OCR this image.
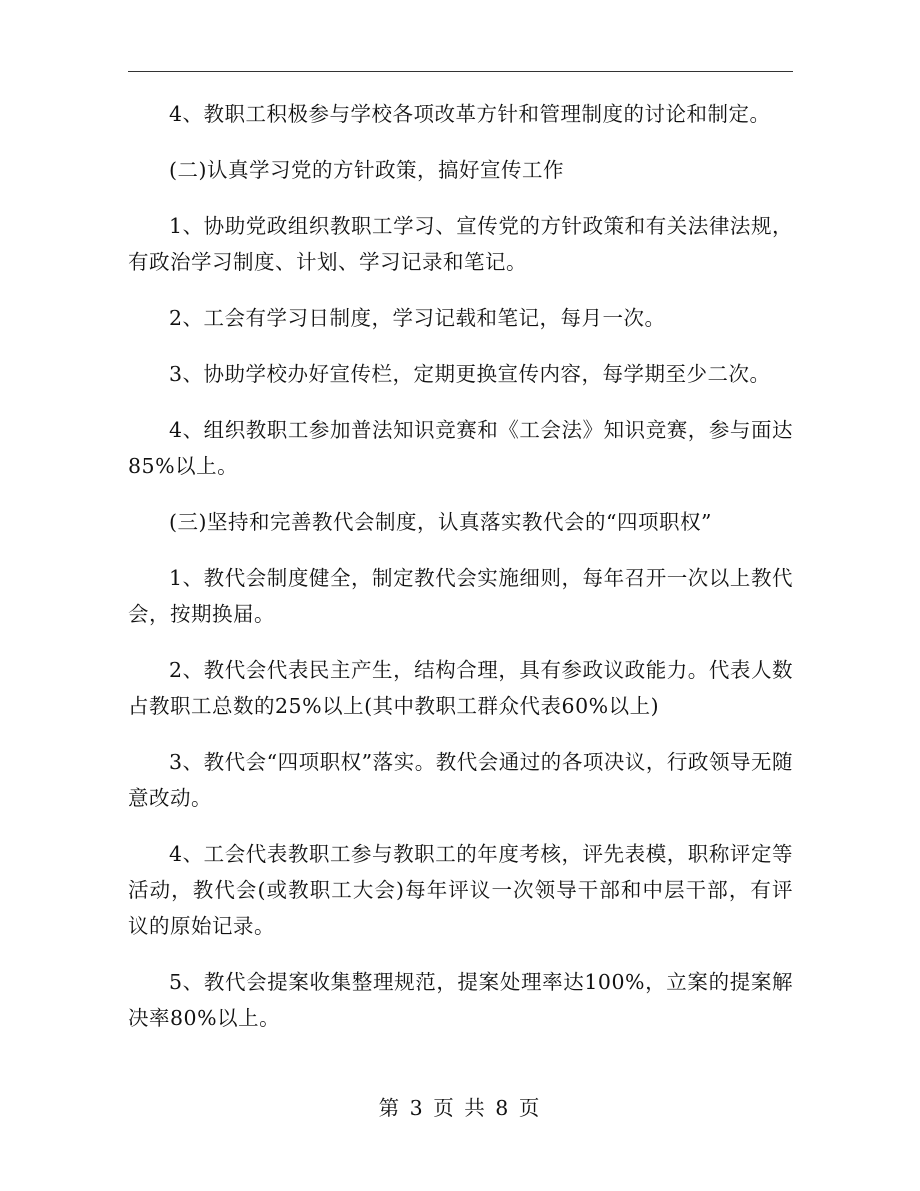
4、教职工积极参与学校各项改革方针和管理制度的讨论和制定。

(二)认真学习党的方针政策，搞好宣传工作

1、协助党政组织教职工学习、宣传党的方针政策和有关法律法规，有政治学习制度、计划、学习记录和笔记。

2、工会有学习日制度，学习记载和笔记，每月一次。

3、协助学校办好宣传栏，定期更换宣传内容，每学期至少二次。

4、组织教职工参加普法知识竞赛和《工会法》知识竞赛，参与面达85%以上。

(三)坚持和完善教代会制度，认真落实教代会的“四项职权”

1、教代会制度健全，制定教代会实施细则，每年召开一次以上教代会，按期换届。

2、教代会代表民主产生，结构合理，具有参政议政能力。代表人数占教职工总数的25%以上(其中教职工群众代表60%以上)

3、教代会“四项职权”落实。教代会通过的各项决议，行政领导无随意改动。

4、工会代表教职工参与教职工的年度考核，评先表模，职称评定等活动，教代会(或教职工大会)每年评议一次领导干部和中层干部，有评议的原始记录。

5、教代会提案收集整理规范，提案处理率达100%，立案的提案解决率80%以上。

第 3 页 共 8 页
